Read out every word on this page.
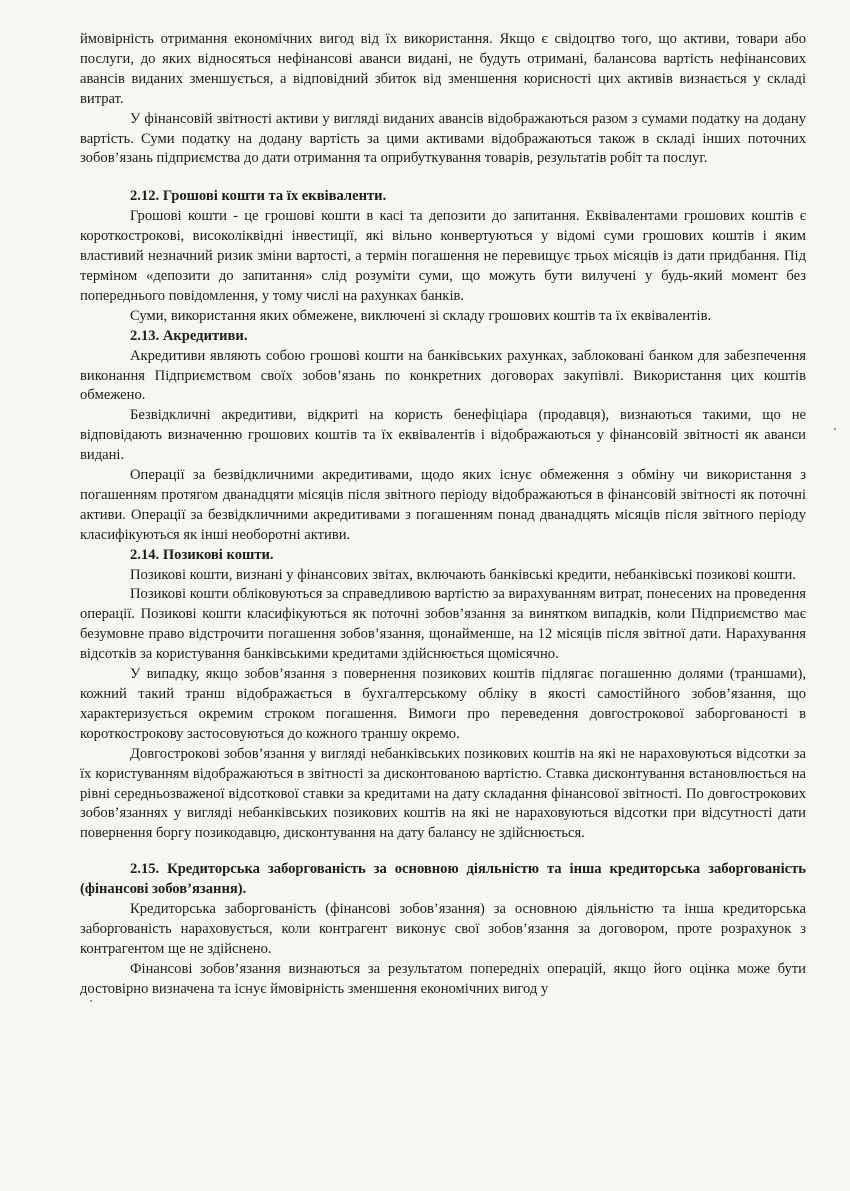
ймовірність отримання економічних вигод від їх використання. Якщо є свідоцтво того, що активи, товари або послуги, до яких відносяться нефінансові аванси видані, не будуть отримані, балансова вартість нефінансових авансів виданих зменшується, а відповідний збиток від зменшення корисності цих активів визнається у складі витрат.

У фінансовій звітності активи у вигляді виданих авансів відображаються разом з сумами податку на додану вартість. Суми податку на додану вартість за цими активами відображаються також в складі інших поточних зобов’язань підприємства до дати отримання та оприбуткування товарів, результатів робіт та послуг.

2.12. Грошові кошти та їх еквіваленти.

Грошові кошти - це грошові кошти в касі та депозити до запитання. Еквівалентами грошових коштів є короткострокові, високоліквідні інвестиції, які вільно конвертуються у відомі суми грошових коштів і яким властивий незначний ризик зміни вартості, а термін погашення не перевищує трьох місяців із дати придбання. Під терміном «депозити до запитання» слід розуміти суми, що можуть бути вилучені у будь-який момент без попереднього повідомлення, у тому числі на рахунках банків.

Суми, використання яких обмежене, виключені зі складу грошових коштів та їх еквівалентів.

2.13. Акредитиви.

Акредитиви являють собою грошові кошти на банківських рахунках, заблоковані банком для забезпечення виконання Підприємством своїх зобов’язань по конкретних договорах закупівлі. Використання цих коштів обмежено.

Безвідкличні акредитиви, відкриті на користь бенефіціара (продавця), визнаються такими, що не відповідають визначенню грошових коштів та їх еквівалентів і відображаються у фінансовій звітності як аванси видані.

Операції за безвідкличними акредитивами, щодо яких існує обмеження з обміну чи використання з погашенням протягом дванадцяти місяців після звітного періоду відображаються в фінансовій звітності як поточні активи. Операції за безвідкличними акредитивами з погашенням понад дванадцять місяців після звітного періоду класифікуються як інші необоротні активи.

2.14. Позикові кошти.

Позикові кошти, визнані у фінансових звітах, включають банківські кредити, небанківські позикові кошти.

Позикові кошти обліковуються за справедливою вартістю за вирахуванням витрат, понесених на проведення операції. Позикові кошти класифікуються як поточні зобов’язання за винятком випадків, коли Підприємство має безумовне право відстрочити погашення зобов’язання, щонайменше, на 12 місяців після звітної дати. Нарахування відсотків за користування банківськими кредитами здійснюється щомісячно.

У випадку, якщо зобов’язання з повернення позикових коштів підлягає погашенню долями (траншами), кожний такий транш відображається в бухгалтерському обліку в якості самостійного зобов’язання, що характеризується окремим строком погашення. Вимоги про переведення довгострокової заборгованості в короткострокову застосовуються до кожного траншу окремо.

Довгострокові зобов’язання у вигляді небанківських позикових коштів на які не нараховуються відсотки за їх користуванням відображаються в звітності за дисконтованою вартістю. Ставка дисконтування встановлюється на рівні середньозваженої відсоткової ставки за кредитами на дату складання фінансової звітності. По довгострокових зобов’язаннях у вигляді небанківських позикових коштів на які не нараховуються відсотки при відсутності дати повернення боргу позикодавцю, дисконтування на дату балансу не здійснюється.

2.15. Кредиторська заборгованість за основною діяльністю та інша кредиторська заборгованість (фінансові зобов’язання).

Кредиторська заборгованість (фінансові зобов’язання) за основною діяльністю та інша кредиторська заборгованість нараховується, коли контрагент виконує свої зобов’язання за договором, проте розрахунок з контрагентом ще не здійснено.

Фінансові зобов’язання визнаються за результатом попередніх операцій, якщо його оцінка може бути достовірно визначена та існує ймовірність зменшення економічних вигод у
